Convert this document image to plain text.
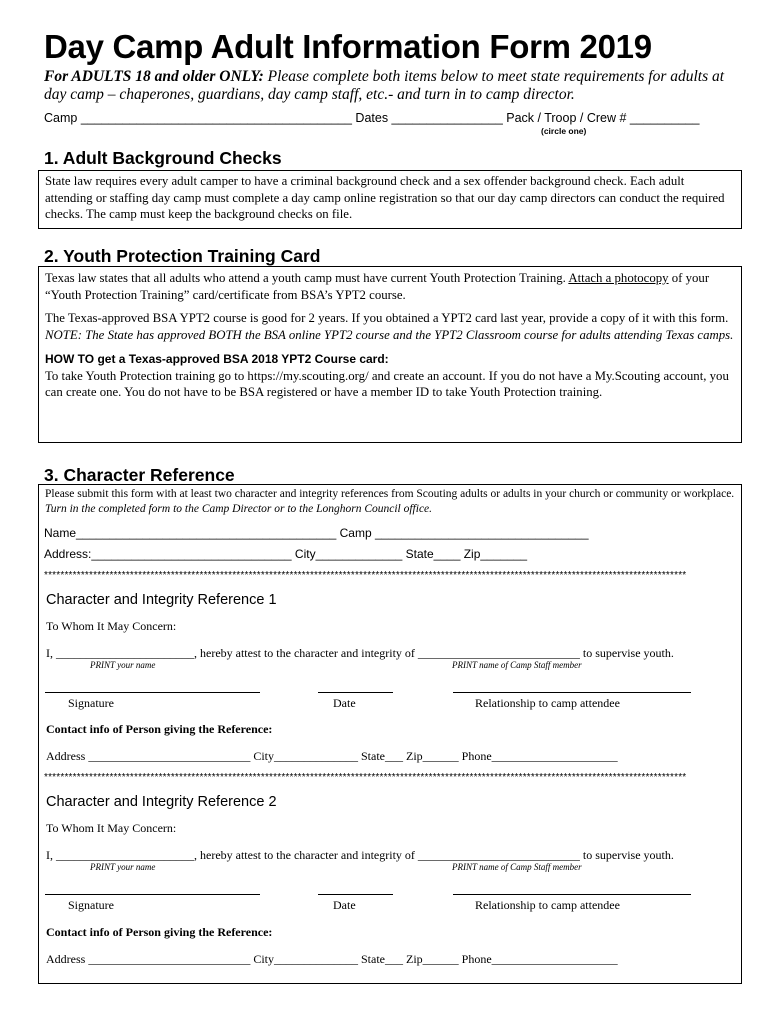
Day Camp Adult Information Form 2019
For ADULTS 18 and older ONLY: Please complete both items below to meet state requirements for adults at day camp – chaperones, guardians, day camp staff, etc.- and turn in to camp director.
Camp _______________________________________ Dates ________________ Pack / Troop / Crew # __________
(circle one)
1. Adult Background Checks

State law requires every adult camper to have a criminal background check and a sex offender background check. Each adult attending or staffing day camp must complete a day camp online registration so that our day camp directors can conduct the required checks. The camp must keep the background checks on file.

2. Youth Protection Training Card

Texas law states that all adults who attend a youth camp must have current Youth Protection Training. Attach a photocopy of your “Youth Protection Training” card/certificate from BSA’s YPT2 course.

The Texas-approved BSA YPT2 course is good for 2 years. If you obtained a YPT2 card last year, provide a copy of it with this form.

NOTE: The State has approved BOTH the BSA online YPT2 course and the YPT2 Classroom course for adults attending Texas camps.

HOW TO get a Texas-approved BSA 2018 YPT2 Course card:

To take Youth Protection training go to https://my.scouting.org/ and create an account. If you do not have a My.Scouting account, you can create one. You do not have to be BSA registered or have a member ID to take Youth Protection training.

3. Character Reference

Please submit this form with at least two character and integrity references from Scouting adults or adults in your church or community or workplace. Turn in the completed form to the Camp Director or to the Longhorn Council office.

Name_______________________________________ Camp ________________________________
Address:______________________________ City_____________ State____ Zip_______
*************************************************************************************************************************************************************
Character and Integrity Reference 1
To Whom It May Concern:
I, _______________________, hereby attest to the character and integrity of ___________________________ to supervise youth.
PRINT your name	PRINT name of Camp Staff member
Signature	Date	Relationship to camp attendee
Contact info of Person giving the Reference:
Address ___________________________ City______________ State___ Zip______ Phone_____________________
*************************************************************************************************************************************************************
Character and Integrity Reference 2
To Whom It May Concern:
I, _______________________, hereby attest to the character and integrity of ___________________________ to supervise youth.
PRINT your name	PRINT name of Camp Staff member
Signature	Date	Relationship to camp attendee
Contact info of Person giving the Reference:
Address ___________________________ City______________ State___ Zip______ Phone_____________________
